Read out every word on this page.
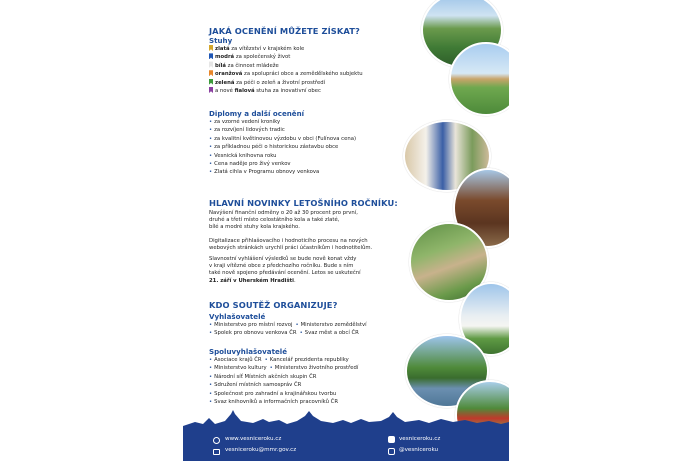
JAKÁ OCENĚNÍ MŮŽETE ZÍSKAT?
Stuhy
zlatá za vítězství v krajském kole
modrá za společenský život
bílá za činnost mládeže
oranžová za spolupráci obce a zemědělského subjektu
zelená za péči o zeleň a životní prostředí
a nové fialová stuha za inovativní obec
Diplomy a další ocenění
• za vzorné vedení kroniky
• za rozvíjení lidových tradic
• za kvalitní květinovou výzdobu v obci (Fulínova cena)
• za příkladnou péči o historickou zástavbu obce
• Vesnická knihovna roku
• Cena naděje pro živý venkov
• Zlatá cihla v Programu obnovy venkova
HLAVNÍ NOVINKY LETOŠNÍHO ROČNÍKU:
Navýšení finanční odměny o 20 až 30 procent pro první,
druhé a třetí místo celostátního kola a také zlaté,
bílé a modré stuhy kola krajského.
Digitalizace přihlašovacího i hodnoticího procesu na nových
webových stránkách urychlí práci účastníkům i hodnotitelům.
Slavnostní vyhlášení výsledků se bude nově konat vždy
v kraji vítězné obce z předchozího ročníku. Bude s ním
také nově spojeno předávání ocenění. Letos se uskuteční
21. září v Uherském Hradišti.
KDO SOUTĚŽ ORGANIZUJE?
Vyhlašovatelé
• Ministerstvo pro místní rozvoj • Ministerstvo zemědělství
• Spolek pro obnovu venkova ČR • Svaz měst a obcí ČR
Spoluvyhlašovatelé
• Asociace krajů ČR • Kancelář prezidenta republiky
• Ministerstvo kultury • Ministerstvo životního prostředí
• Národní síť Místních akčních skupin ČR
• Sdružení místních samospráv ČR
• Společnost pro zahradní a krajinářskou tvorbu
• Svaz knihovníků a informačních pracovníků ČR
www.vesniceroku.cz
vesniceroku@mmr.gov.cz
vesniceroku.cz
@vesniceroku
